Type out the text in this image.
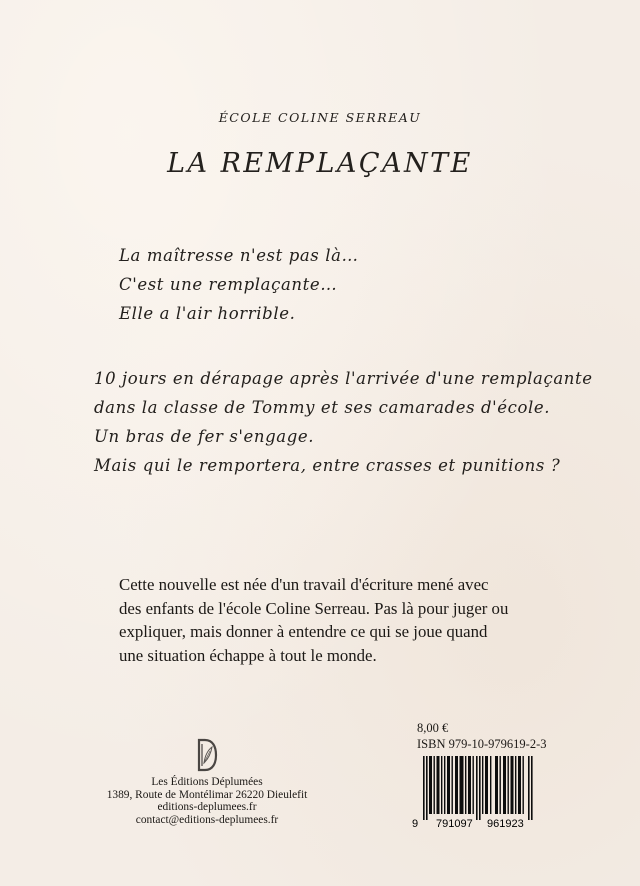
ÉCOLE COLINE SERREAU
LA REMPLAÇANTE
La maîtresse n'est pas là…
C'est une remplaçante…
Elle a l'air horrible.
10 jours en dérapage après l'arrivée d'une remplaçante
dans la classe de Tommy et ses camarades d'école.
Un bras de fer s'engage.
Mais qui le remportera, entre crasses et punitions ?
Cette nouvelle est née d'un travail d'écriture mené avec
des enfants de l'école Coline Serreau. Pas là pour juger ou
expliquer, mais donner à entendre ce qui se joue quand
une situation échappe à tout le monde.
Les Éditions Déplumées
1389, Route de Montélimar 26220 Dieulefit
editions-deplumees.fr
contact@editions-deplumees.fr
8,00 €
ISBN 979-10-979619-2-3
9 791097 961923
